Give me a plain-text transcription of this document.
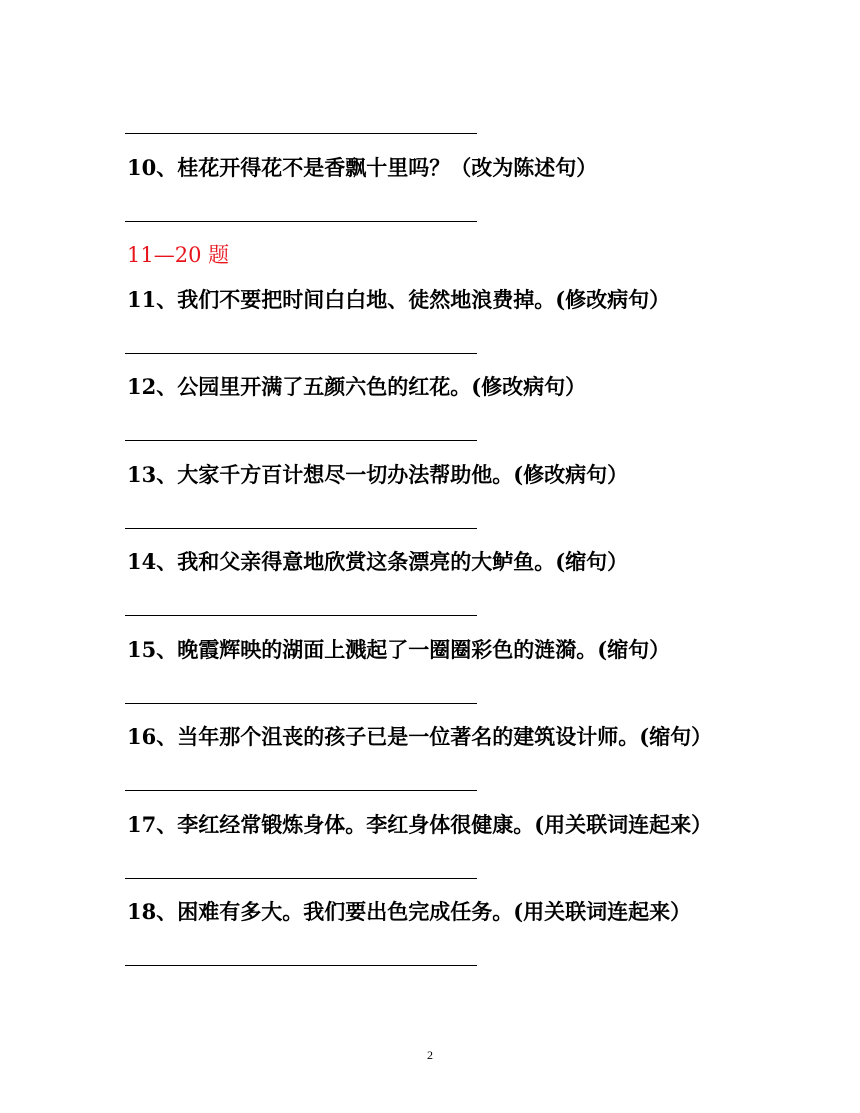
10、桂花开得花不是香飘十里吗？（改为陈述句）
11—20 题
11、我们不要把时间白白地、徒然地浪费掉。(修改病句）
12、公园里开满了五颜六色的红花。(修改病句）
13、大家千方百计想尽一切办法帮助他。(修改病句）
14、我和父亲得意地欣赏这条漂亮的大鲈鱼。(缩句）
15、晚霞辉映的湖面上溅起了一圈圈彩色的涟漪。(缩句）
16、当年那个沮丧的孩子已是一位著名的建筑设计师。(缩句）
17、李红经常锻炼身体。李红身体很健康。(用关联词连起来）
18、困难有多大。我们要出色完成任务。(用关联词连起来）
2
